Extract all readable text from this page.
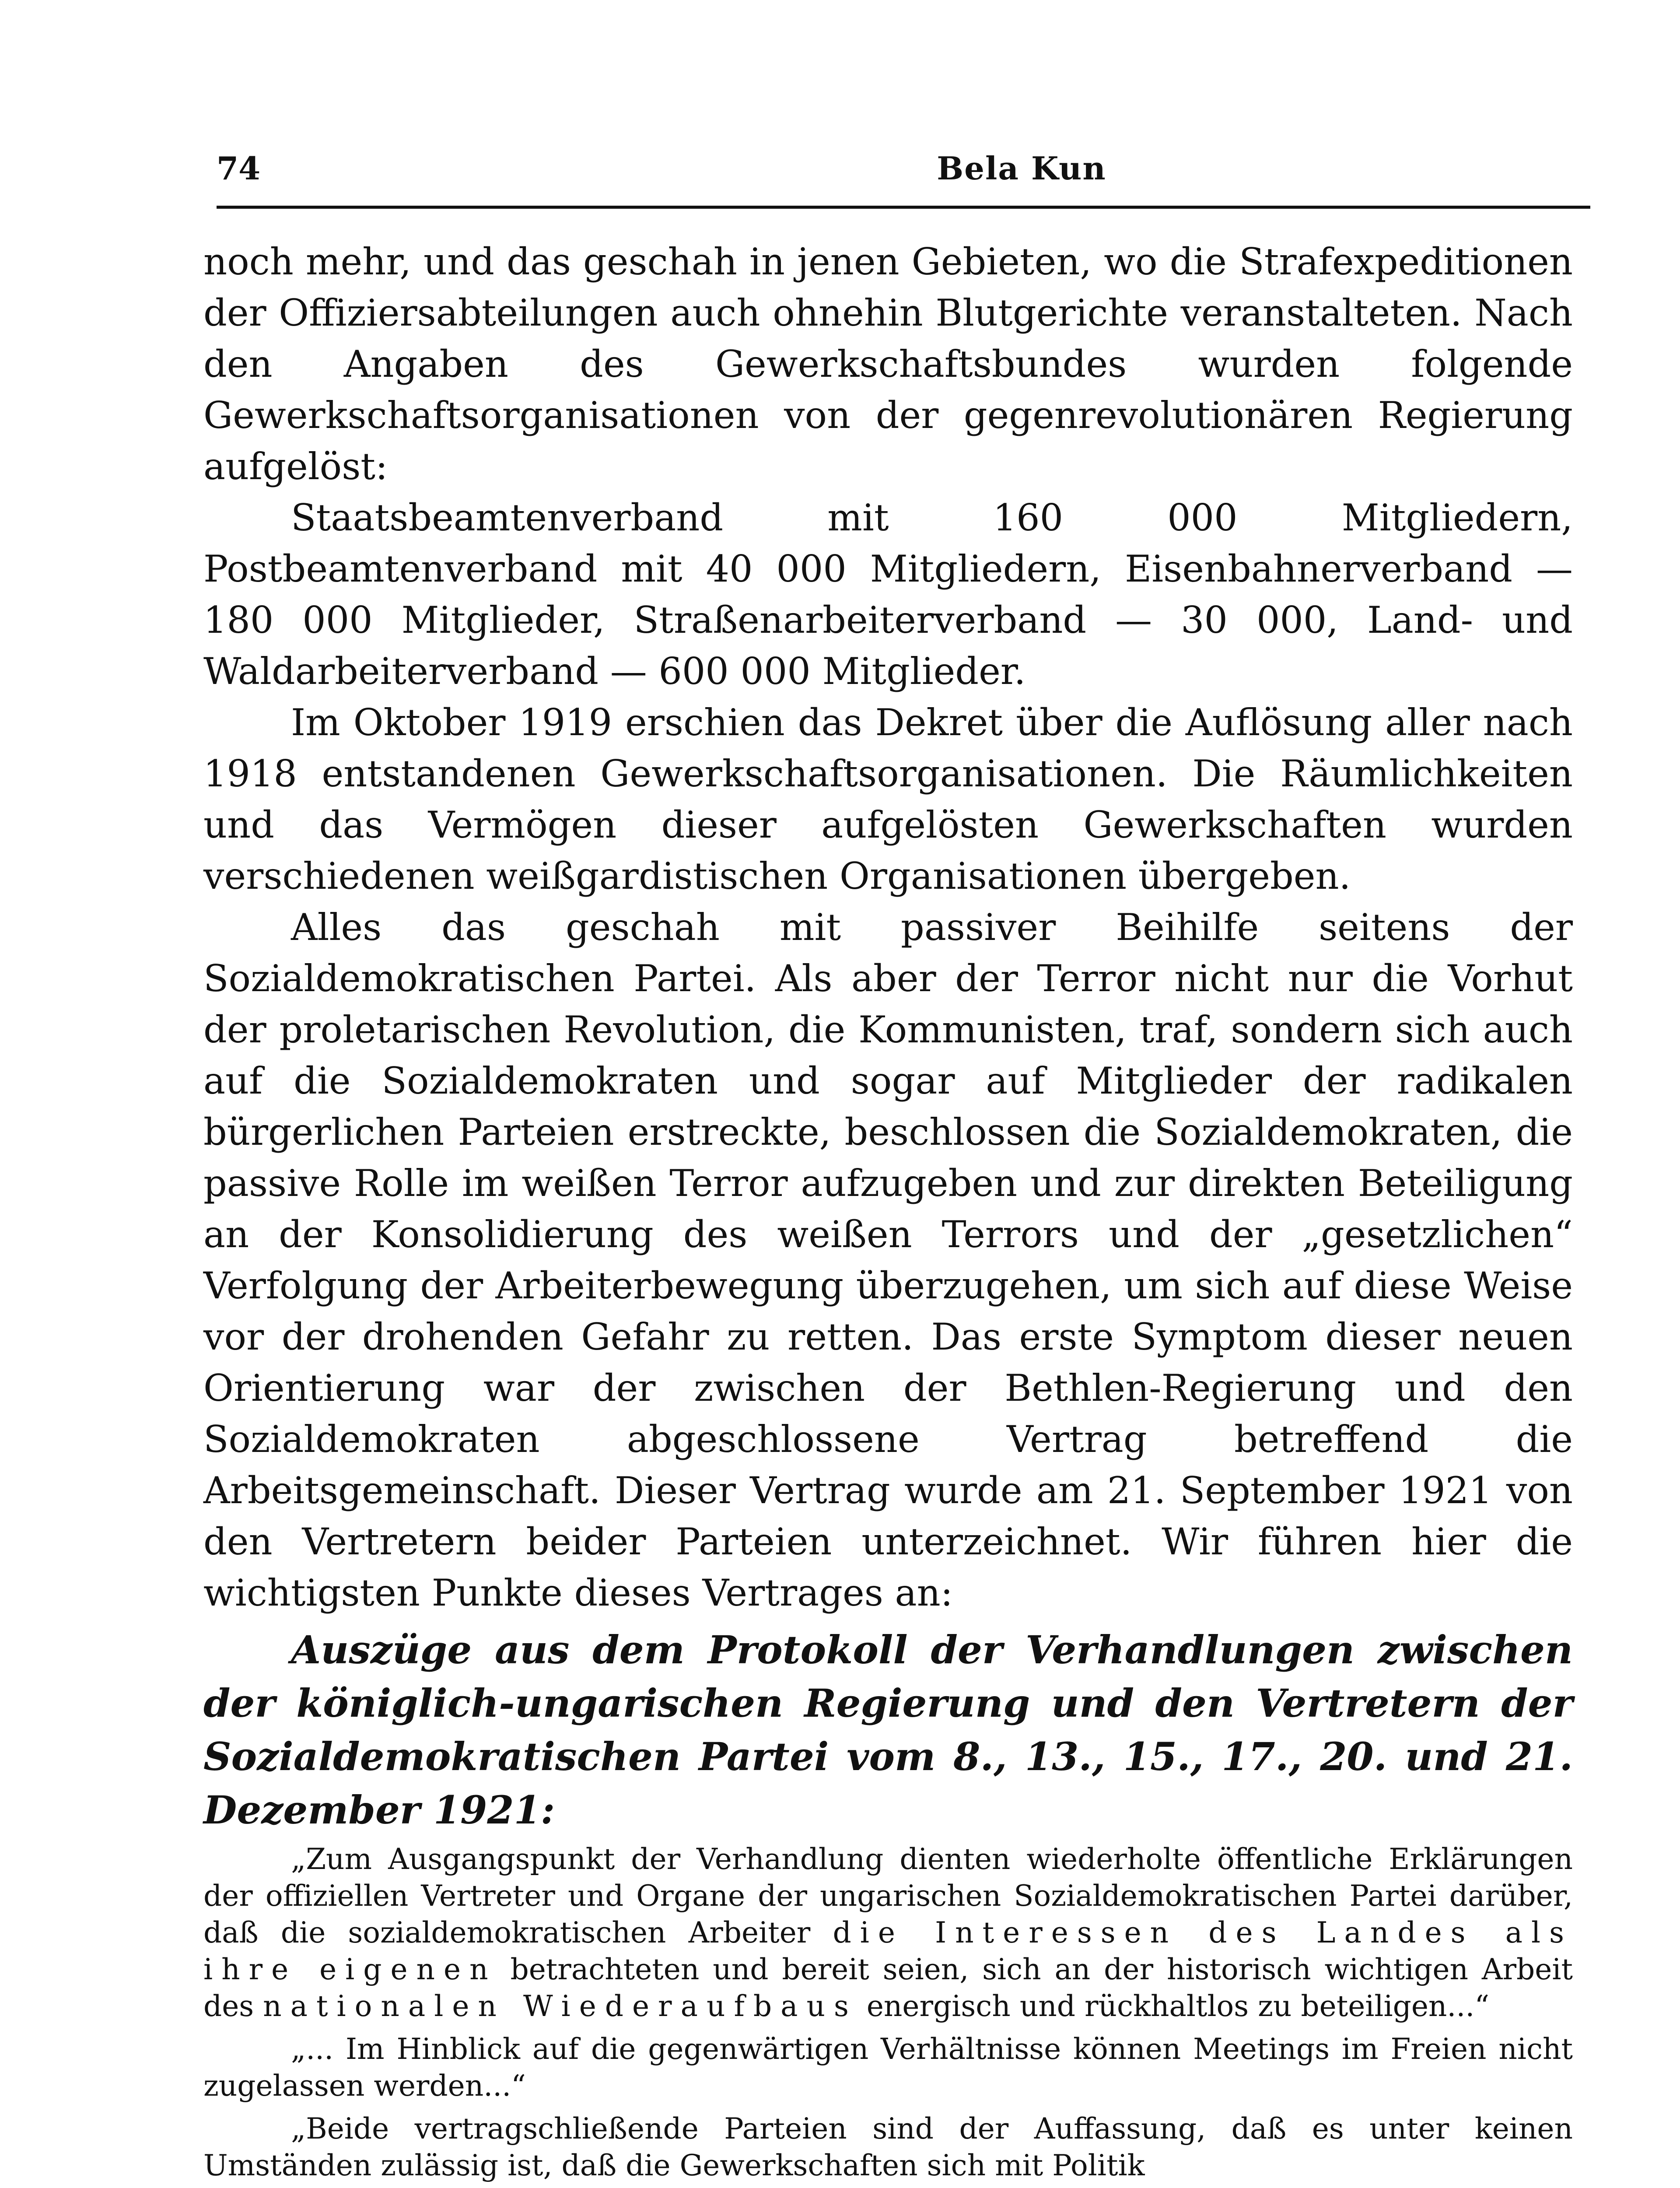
74	Bela Kun

noch mehr, und das geschah in jenen Gebieten, wo die Strafexpeditionen der Offiziersabteilungen auch ohnehin Blutgerichte veranstalteten. Nach den Angaben des Gewerkschaftsbundes wurden folgende Gewerkschaftsorganisationen von der gegenrevolutionären Regierung aufgelöst:

Staatsbeamtenverband mit 160 000 Mitgliedern, Postbeamtenverband mit 40 000 Mitgliedern, Eisenbahnerverband — 180 000 Mitglieder, Straßenarbeiterverband — 30 000, Land- und Waldarbeiterverband — 600 000 Mitglieder.

Im Oktober 1919 erschien das Dekret über die Auflösung aller nach 1918 entstandenen Gewerkschaftsorganisationen. Die Räumlichkeiten und das Vermögen dieser aufgelösten Gewerkschaften wurden verschiedenen weißgardistischen Organisationen übergeben.

Alles das geschah mit passiver Beihilfe seitens der Sozialdemokratischen Partei. Als aber der Terror nicht nur die Vorhut der proletarischen Revolution, die Kommunisten, traf, sondern sich auch auf die Sozialdemokraten und sogar auf Mitglieder der radikalen bürgerlichen Parteien erstreckte, beschlossen die Sozialdemokraten, die passive Rolle im weißen Terror aufzugeben und zur direkten Beteiligung an der Konsolidierung des weißen Terrors und der „gesetzlichen“ Verfolgung der Arbeiterbewegung überzugehen, um sich auf diese Weise vor der drohenden Gefahr zu retten. Das erste Symptom dieser neuen Orientierung war der zwischen der Bethlen-Regierung und den Sozialdemokraten abgeschlossene Vertrag betreffend die Arbeitsgemeinschaft. Dieser Vertrag wurde am 21. September 1921 von den Vertretern beider Parteien unterzeichnet. Wir führen hier die wichtigsten Punkte dieses Vertrages an:

Auszüge aus dem Protokoll der Verhandlungen zwischen der königlich-ungarischen Regierung und den Vertretern der Sozialdemokratischen Partei vom 8., 13., 15., 17., 20. und 21. Dezember 1921:

„Zum Ausgangspunkt der Verhandlung dienten wiederholte öffentliche Erklärungen der offiziellen Vertreter und Organe der ungarischen Sozialdemokratischen Partei darüber, daß die sozialdemokratischen Arbeiter die Interessen des Landes als ihre eigenen betrachteten und bereit seien, sich an der historisch wichtigen Arbeit des nationalen Wiederaufbaus energisch und rückhaltlos zu beteiligen...“

„... Im Hinblick auf die gegenwärtigen Verhältnisse können Meetings im Freien nicht zugelassen werden...“

„Beide vertragschließende Parteien sind der Auffassung, daß es unter keinen Umständen zulässig ist, daß die Gewerkschaften sich mit Politik
